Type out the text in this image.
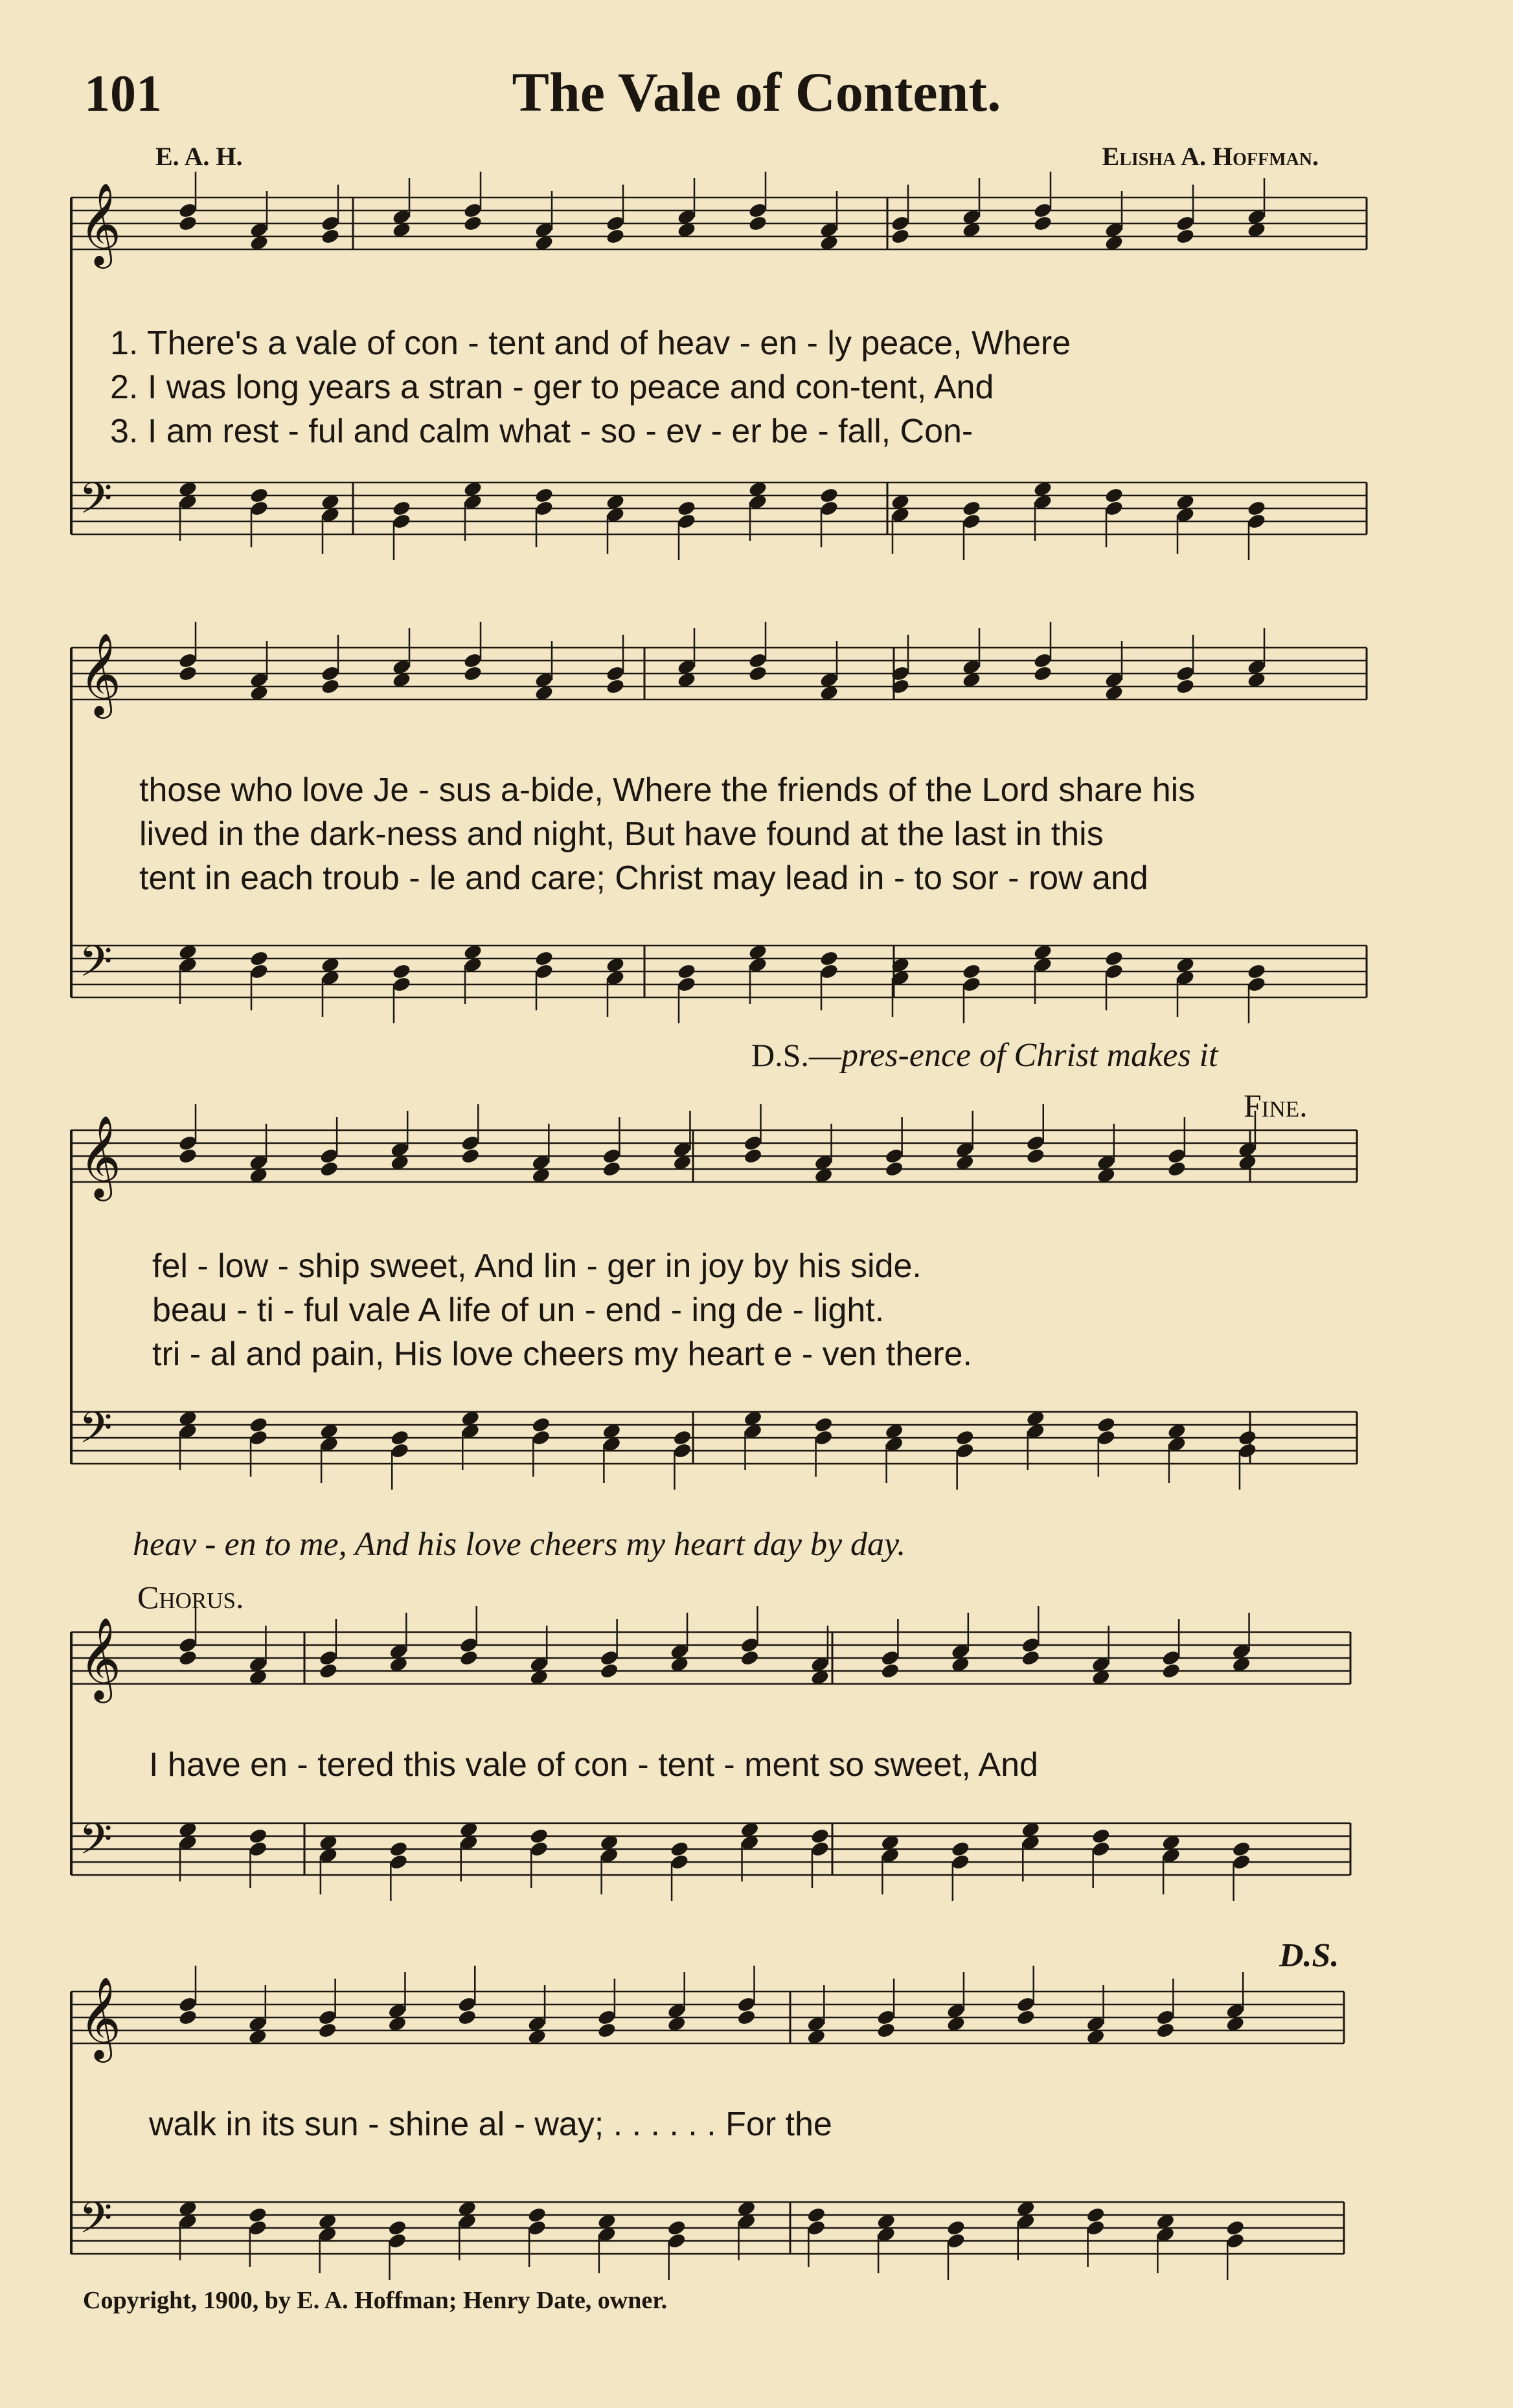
101	The Vale of Content.
E. A. H.	Elisha A. Hoffman.
𝄞
𝄢
𝄞
𝄢
𝄞
𝄢
𝄞
𝄢
𝄞
𝄢
1. There's a vale of con - tent and of heav - en - ly peace, Where
2. I was long years a stran - ger to peace and con-tent, And
3. I am rest - ful and calm what - so - ev - er be - fall, Con-
those who love Je - sus a-bide, Where the friends of the Lord share his
lived in the dark-ness and night, But have found at the last in this
tent in each troub - le and care; Christ may lead in - to sor - row and
D.S.—pres-ence of Christ makes it
Fine.
fel - low - ship sweet, And lin - ger in joy by his side.
beau - ti - ful vale A life of un - end - ing de - light.
tri - al and pain, His love cheers my heart e - ven there.
heav - en to me, And his love cheers my heart day by day.
Chorus.
I have en - tered this vale of con - tent - ment so sweet, And
walk in its sun - shine al - way; . . . . . . For the
D.S.
Copyright, 1900, by E. A. Hoffman; Henry Date, owner.
